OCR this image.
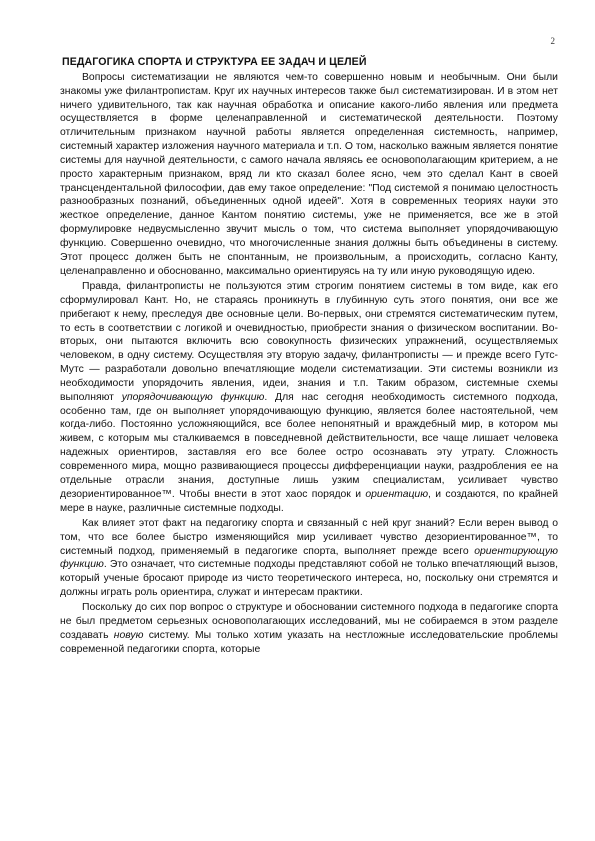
2
ПЕДАГОГИКА СПОРТА И СТРУКТУРА ЕЕ ЗАДАЧ И ЦЕЛЕЙ

Вопросы систематизации не являются чем-то совершенно новым и необычным. Они были знакомы уже филантропистам. Круг их научных интересов также был систематизирован. И в этом нет ничего удивительного, так как научная обработка и описание какого-либо явления или предмета осуществляется в форме целенаправленной и систематической деятельности. Поэтому отличительным признаком научной работы является определенная системность, например, системный характер изложения научного материала и т.п. О том, насколько важным является понятие системы для научной деятельности, с самого начала являясь ее основополагающим критерием, а не просто характерным признаком, вряд ли кто сказал более ясно, чем это сделал Кант в своей трансцендентальной философии, дав ему такое определение: "Под системой я понимаю целостность разнообразных познаний, объединенных одной идеей". Хотя в современных теориях науки это жесткое определение, данное Кантом понятию системы, уже не применяется, все же в этой формулировке недвусмысленно звучит мысль о том, что система выполняет упорядочивающую функцию. Совершенно очевидно, что многочисленные знания должны быть объединены в систему. Этот процесс должен быть не спонтанным, не произвольным, а происходить, согласно Канту, целенаправленно и обоснованно, максимально ориентируясь на ту или иную руководящую идею.

Правда, филантрописты не пользуются этим строгим понятием системы в том виде, как его сформулировал Кант. Но, не стараясь проникнуть в глубинную суть этого понятия, они все же прибегают к нему, преследуя две основные цели. Во-первых, они стремятся систематическим путем, то есть в соответствии с логикой и очевидностью, приобрести знания о физическом воспитании. Во-вторых, они пытаются включить всю совокупность физических упражнений, осуществляемых человеком, в одну систему. Осуществляя эту вторую задачу, филантрописты — и прежде всего Гутс-Мутс — разработали довольно впечатляющие модели систематизации. Эти системы возникли из необходимости упорядочить явления, идеи, знания и т.п. Таким образом, системные схемы выполняют упорядочивающую функцию. Для нас сегодня необходимость системного подхода, особенно там, где он выполняет упорядочивающую функцию, является более настоятельной, чем когда-либо. Постоянно усложняющийся, все более непонятный и враждебный мир, в котором мы живем, с которым мы сталкиваемся в повседневной действительности, все чаще лишает человека надежных ориентиров, заставляя его все более остро осознавать эту утрату. Сложность современного мира, мощно развивающиеся процессы дифференциации науки, раздробления ее на отдельные отрасли знания, доступные лишь узким специалистам, усиливает чувство дезориентированное™. Чтобы внести в этот хаос порядок и ориентацию, и создаются, по крайней мере в науке, различные системные подходы.

Как влияет этот факт на педагогику спорта и связанный с ней круг знаний? Если верен вывод о том, что все более быстро изменяющийся мир усиливает чувство дезориентированное™, то системный подход, применяемый в педагогике спорта, выполняет прежде всего ориентирующую функцию. Это означает, что системные подходы представляют собой не только впечатляющий вызов, который ученые бросают природе из чисто теоретического интереса, но, поскольку они стремятся и должны играть роль ориентира, служат и интересам практики.

Поскольку до сих пор вопрос о структуре и обосновании системного подхода в педагогике спорта не был предметом серьезных основополагающих исследований, мы не собираемся в этом разделе создавать новую систему. Мы только хотим указать на нестложные исследовательские проблемы современной педагогики спорта, которые
